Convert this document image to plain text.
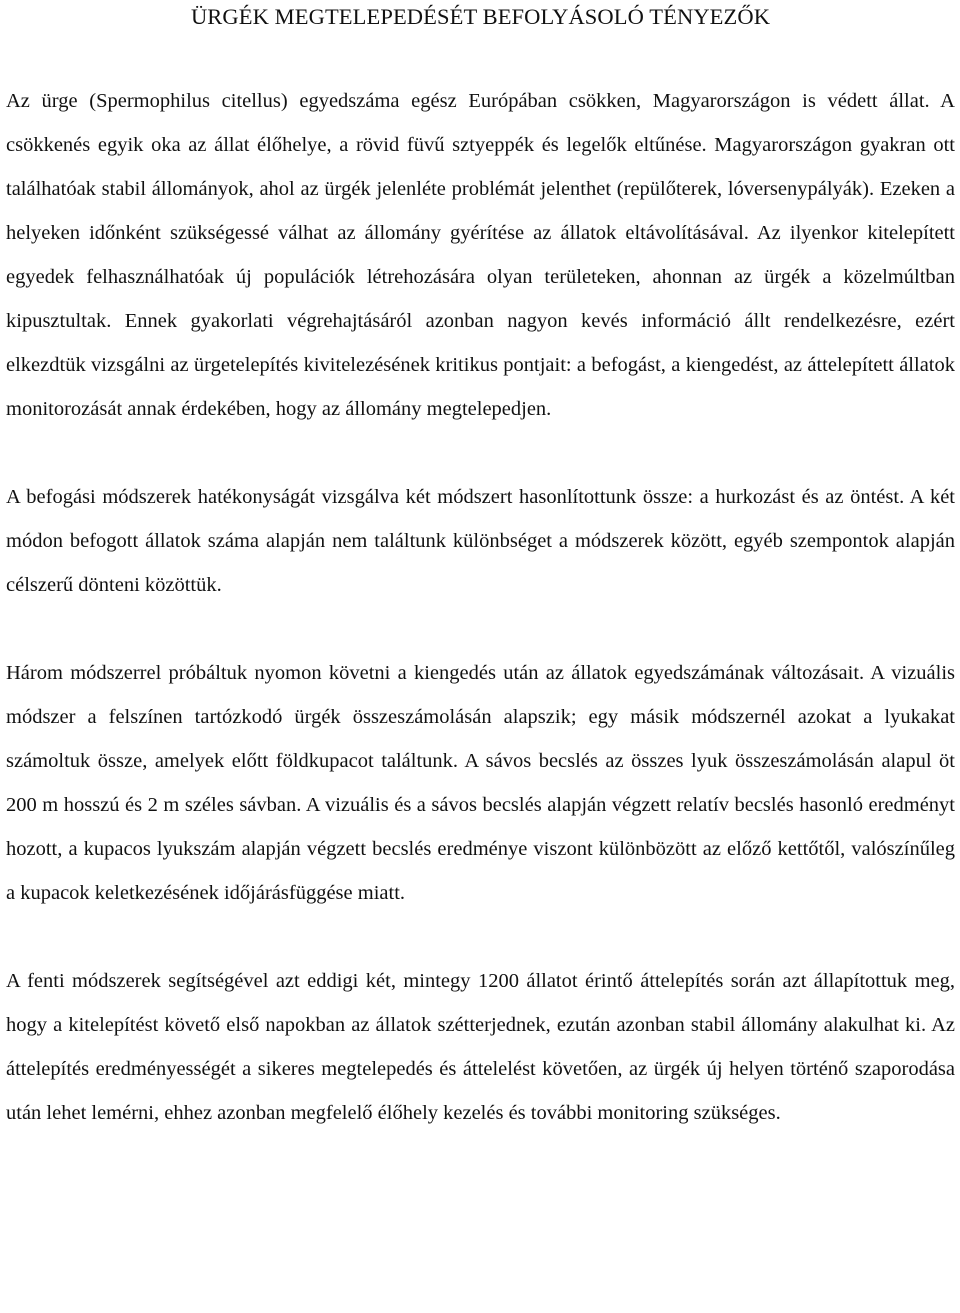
ÜRGÉK MEGTELEPEDÉSÉT BEFOLYÁSOLÓ TÉNYEZŐK

Az ürge (Spermophilus citellus) egyedszáma egész Európában csökken, Magyarországon is védett állat. A csökkenés egyik oka az állat élőhelye, a rövid füvű sztyeppék és legelők eltűnése. Magyarországon gyakran ott találhatóak stabil állományok, ahol az ürgék jelenléte problémát jelenthet (repülőterek, lóversenypályák). Ezeken a helyeken időnként szükségessé válhat az állomány gyérítése az állatok eltávolításával. Az ilyenkor kitelepített egyedek felhasználhatóak új populációk létrehozására olyan területeken, ahonnan az ürgék a közelmúltban kipusztultak. Ennek gyakorlati végrehajtásáról azonban nagyon kevés információ állt rendelkezésre, ezért elkezdtük vizsgálni az ürgetelepítés kivitelezésének kritikus pontjait: a befogást, a kiengedést, az áttelepített állatok monitorozását annak érdekében, hogy az állomány megtelepedjen.

A befogási módszerek hatékonyságát vizsgálva két módszert hasonlítottunk össze: a hurkozást és az öntést. A két módon befogott állatok száma alapján nem találtunk különbséget a módszerek között, egyéb szempontok alapján célszerű dönteni közöttük.

Három módszerrel próbáltuk nyomon követni a kiengedés után az állatok egyedszámának változásait. A vizuális módszer a felszínen tartózkodó ürgék összeszámolásán alapszik; egy másik módszernél azokat a lyukakat számoltuk össze, amelyek előtt földkupacot találtunk. A sávos becslés az összes lyuk összeszámolásán alapul öt 200 m hosszú és 2 m széles sávban. A vizuális és a sávos becslés alapján végzett relatív becslés hasonló eredményt hozott, a kupacos lyukszám alapján végzett becslés eredménye viszont különbözött az előző kettőtől, valószínűleg a kupacok keletkezésének időjárásfüggése miatt.

A fenti módszerek segítségével azt eddigi két, mintegy 1200 állatot érintő áttelepítés során azt állapítottuk meg, hogy a kitelepítést követő első napokban az állatok szétterjednek, ezután azonban stabil állomány alakulhat ki. Az áttelepítés eredményességét a sikeres megtelepedés és áttelelést követően, az ürgék új helyen történő szaporodása után lehet lemérni, ehhez azonban megfelelő élőhely kezelés és további monitoring szükséges.
